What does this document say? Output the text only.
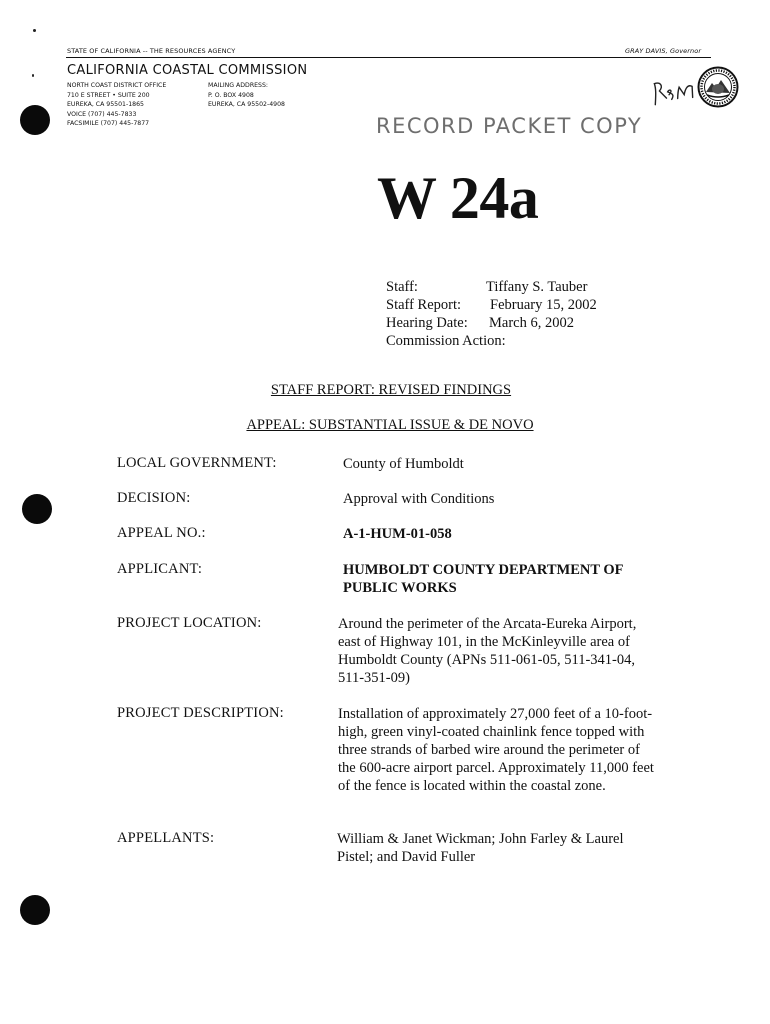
STATE OF CALIFORNIA -- THE RESOURCES AGENCY	GRAY DAVIS, Governor
CALIFORNIA COASTAL COMMISSION
NORTH COAST DISTRICT OFFICE
710 E STREET • SUITE 200
EUREKA, CA 95501-1865
VOICE (707) 445-7833
FACSIMILE (707) 445-7877
MAILING ADDRESS:
P. O. BOX 4908
EUREKA, CA 95502-4908
RECORD PACKET COPY
W 24a
Staff:	Tiffany S. Tauber
Staff Report: February 15, 2002
Hearing Date: March 6, 2002
Commission Action:
STAFF REPORT: REVISED FINDINGS
APPEAL: SUBSTANTIAL ISSUE & DE NOVO
LOCAL GOVERNMENT:	County of Humboldt
DECISION:	Approval with Conditions
APPEAL NO.:	A-1-HUM-01-058
APPLICANT:	HUMBOLDT COUNTY DEPARTMENT OF PUBLIC WORKS
PROJECT LOCATION:	Around the perimeter of the Arcata-Eureka Airport, east of Highway 101, in the McKinleyville area of Humboldt County (APNs 511-061-05, 511-341-04, 511-351-09)
PROJECT DESCRIPTION:	Installation of approximately 27,000 feet of a 10-foot-high, green vinyl-coated chainlink fence topped with three strands of barbed wire around the perimeter of the 600-acre airport parcel. Approximately 11,000 feet of the fence is located within the coastal zone.
APPELLANTS:	William & Janet Wickman; John Farley & Laurel Pistel; and David Fuller
